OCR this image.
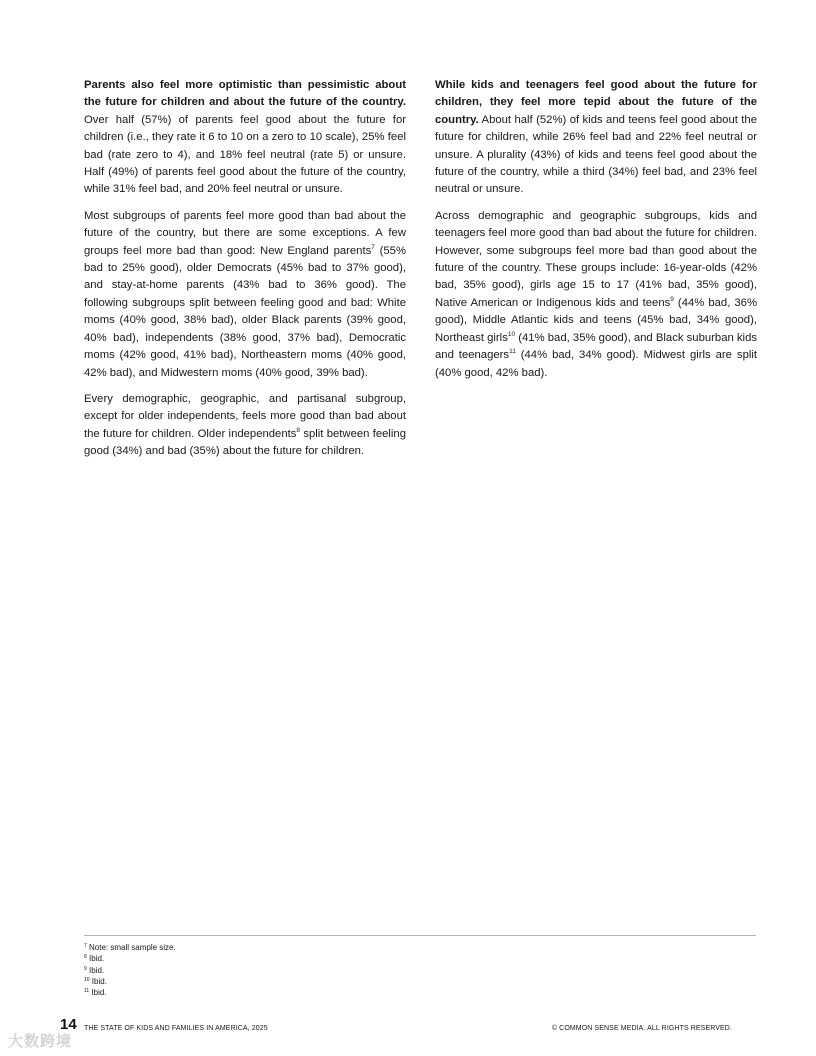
Parents also feel more optimistic than pessimistic about the future for children and about the future of the country. Over half (57%) of parents feel good about the future for children (i.e., they rate it 6 to 10 on a zero to 10 scale), 25% feel bad (rate zero to 4), and 18% feel neutral (rate 5) or unsure. Half (49%) of parents feel good about the future of the country, while 31% feel bad, and 20% feel neutral or unsure.

Most subgroups of parents feel more good than bad about the future of the country, but there are some exceptions. A few groups feel more bad than good: New England parents$^7$ (55% bad to 25% good), older Democrats (45% bad to 37% good), and stay-at-home parents (43% bad to 36% good). The following subgroups split between feeling good and bad: White moms (40% good, 38% bad), older Black parents (39% good, 40% bad), independents (38% good, 37% bad), Democratic moms (42% good, 41% bad), Northeastern moms (40% good, 42% bad), and Midwestern moms (40% good, 39% bad).

Every demographic, geographic, and partisanal subgroup, except for older independents, feels more good than bad about the future for children. Older independents$^8$ split between feeling good (34%) and bad (35%) about the future for children.

While kids and teenagers feel good about the future for children, they feel more tepid about the future of the country. About half (52%) of kids and teens feel good about the future for children, while 26% feel bad and 22% feel neutral or unsure. A plurality (43%) of kids and teens feel good about the future of the country, while a third (34%) feel bad, and 23% feel neutral or unsure.

Across demographic and geographic subgroups, kids and teenagers feel more good than bad about the future for children. However, some subgroups feel more bad than good about the future of the country. These groups include: 16-year-olds (42% bad, 35% good), girls age 15 to 17 (41% bad, 35% good), Native American or Indigenous kids and teens$^9$ (44% bad, 36% good), Middle Atlantic kids and teens (45% bad, 34% good), Northeast girls$^{10}$ (41% bad, 35% good), and Black suburban kids and teenagers$^{11}$ (44% bad, 34% good). Midwest girls are split (40% good, 42% bad).

$^7$ Note: small sample size.
$^8$ Ibid.
$^9$ Ibid.
$^{10}$ Ibid.
$^{11}$ Ibid.
14 THE STATE OF KIDS AND FAMILIES IN AMERICA, 2025	© COMMON SENSE MEDIA. ALL RIGHTS RESERVED.
大数跨境
